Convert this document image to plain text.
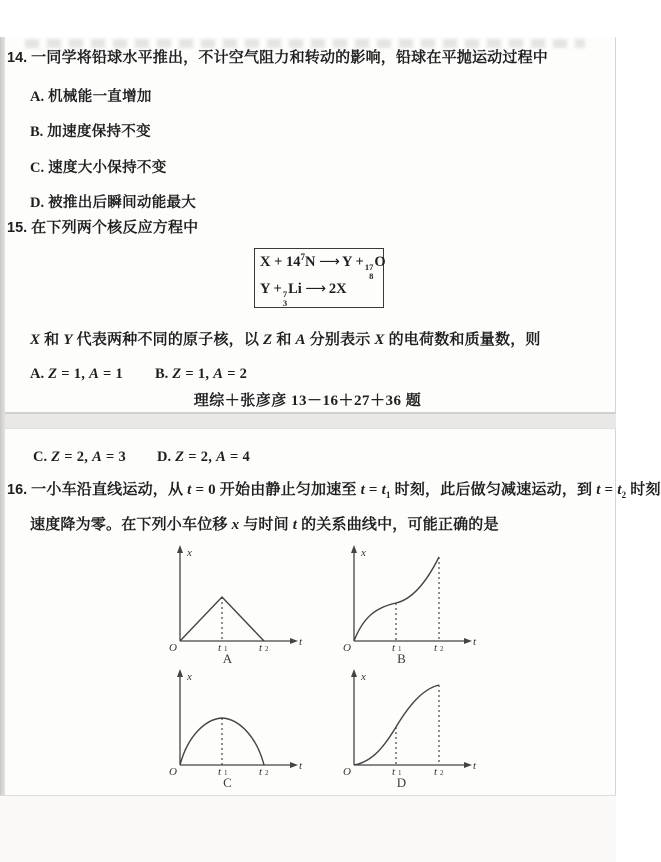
14. 一同学将铅球水平推出，不计空气阻力和转动的影响，铅球在平抛运动过程中
A. 机械能一直增加
B. 加速度保持不变
C. 速度大小保持不变
D. 被推出后瞬间动能最大
15. 在下列两个核反应方程中
$X + 14^7N$ ⟶ Y + 17
8
O
Y + 7
3
Li ⟶ 2X
X 和 Y 代表两种不同的原子核，以 Z 和 A 分别表示 X 的电荷数和质量数，则
A. Z = 1, A = 1 B. Z = 1, A = 2
理综＋张彦彦 13－16＋27＋36 题
C. Z = 2, A = 3 D. Z = 2, A = 4
16. 一小车沿直线运动，从 t = 0 开始由静止匀加速至 $t = t_1$ 时刻，此后做匀减速运动，到 $t = t_2$ 时刻
速度降为零。在下列小车位移 x 与时间 t 的关系曲线中，可能正确的是
x
t
O	t 1	t 2
A
x
t
O	t 1	t 2
B
x
t
O	t 1	t 2
C
x
t
O	t 1	t 2
D
